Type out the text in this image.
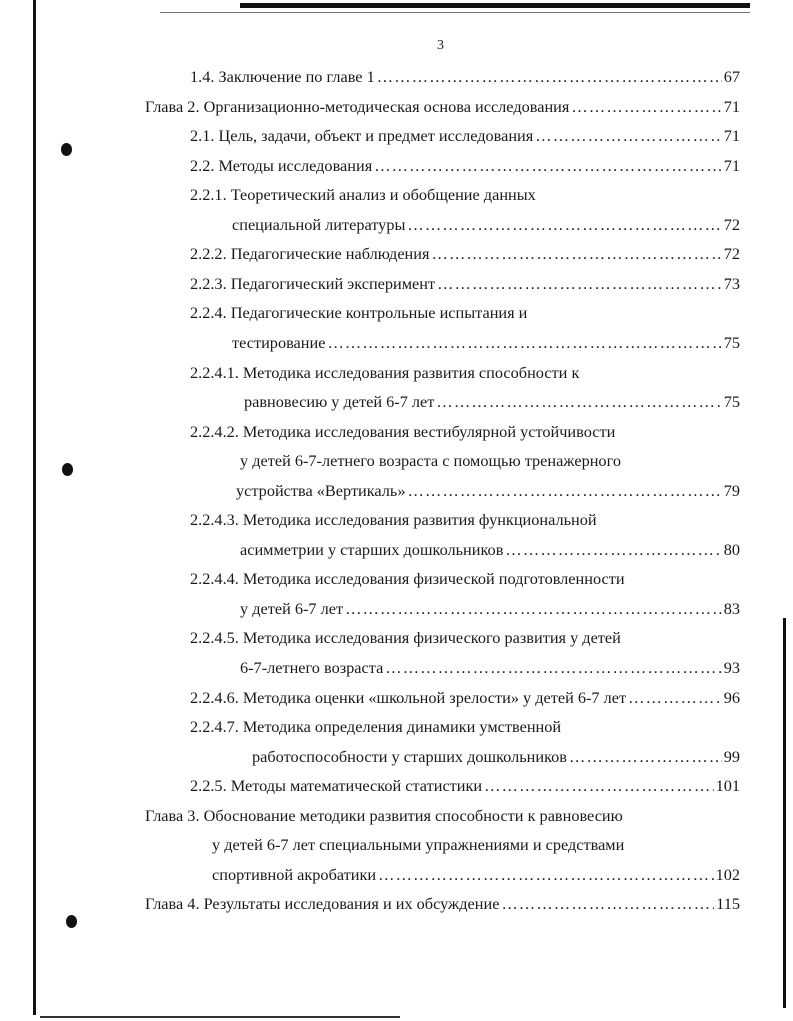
3
1.4. Заключение по главе 1 ……………………………………………………………………………………………………………………………………………………………………	67
Глава 2. Организационно-методическая основа исследования ……………………………………………………………………………………………………………………………………………………………………	71
2.1. Цель, задачи, объект и предмет исследования ……………………………………………………………………………………………………………………………………………………………………	71
2.2. Методы исследования ……………………………………………………………………………………………………………………………………………………………………	71
2.2.1. Теоретический анализ и обобщение данных
специальной литературы ……………………………………………………………………………………………………………………………………………………………………	72
2.2.2. Педагогические наблюдения ……………………………………………………………………………………………………………………………………………………………………	72
2.2.3. Педагогический эксперимент ……………………………………………………………………………………………………………………………………………………………………	73
2.2.4. Педагогические контрольные испытания и
тестирование ……………………………………………………………………………………………………………………………………………………………………	75
2.2.4.1. Методика исследования развития способности к
равновесию у детей 6-7 лет ……………………………………………………………………………………………………………………………………………………………………	75
2.2.4.2. Методика исследования вестибулярной устойчивости
у детей 6-7-летнего возраста с помощью тренажерного
устройства «Вертикаль» ……………………………………………………………………………………………………………………………………………………………………	79
2.2.4.3. Методика исследования развития функциональной
асимметрии у старших дошкольников ……………………………………………………………………………………………………………………………………………………………………	80
2.2.4.4. Методика исследования физической подготовленности
у детей 6-7 лет ……………………………………………………………………………………………………………………………………………………………………	83
2.2.4.5. Методика исследования физического развития у детей
6-7-летнего возраста ……………………………………………………………………………………………………………………………………………………………………	93
2.2.4.6. Методика оценки «школьной зрелости» у детей 6-7 лет ……………………………………………………………………………………………………………………………………………………………………	96
2.2.4.7. Методика определения динамики умственной
работоспособности у старших дошкольников ……………………………………………………………………………………………………………………………………………………………………	99
2.2.5. Методы математической статистики ……………………………………………………………………………………………………………………………………………………………………	101
Глава 3. Обоснование методики развития способности к равновесию
у детей 6-7 лет специальными упражнениями и средствами
спортивной акробатики ……………………………………………………………………………………………………………………………………………………………………	102
Глава 4. Результаты исследования и их обсуждение ……………………………………………………………………………………………………………………………………………………………………	115
